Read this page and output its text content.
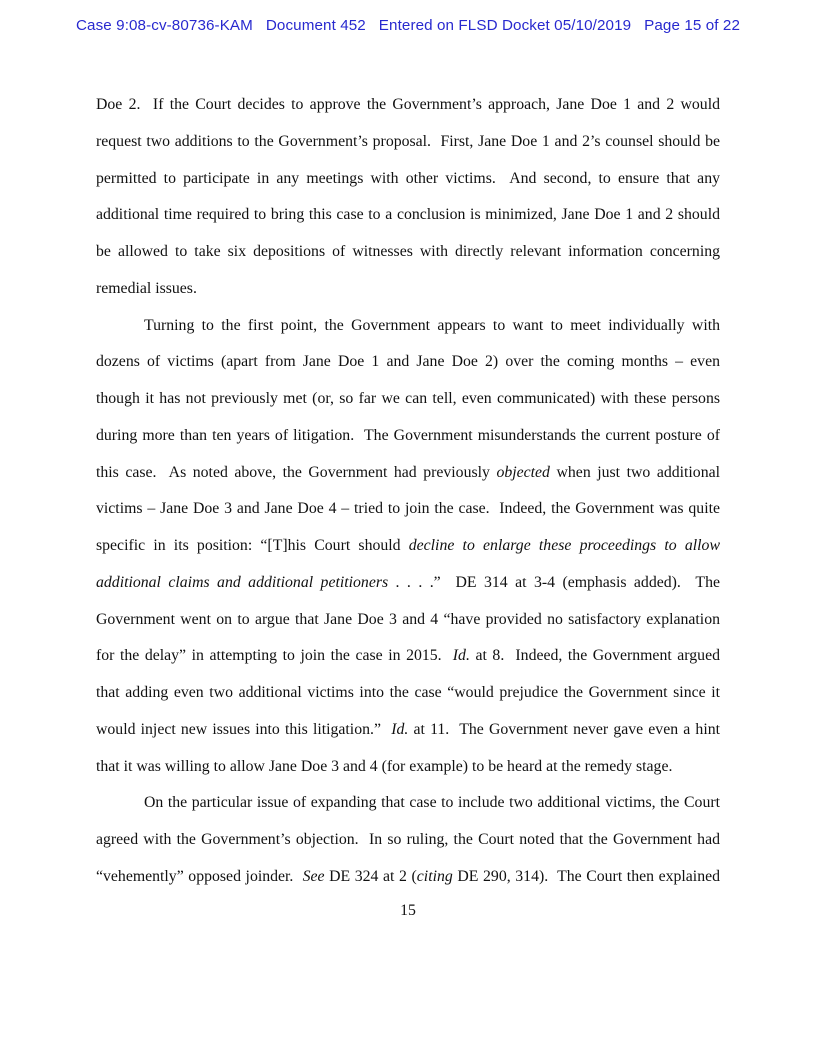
Case 9:08-cv-80736-KAM   Document 452   Entered on FLSD Docket 05/10/2019   Page 15 of 22
Doe 2.  If the Court decides to approve the Government’s approach, Jane Doe 1 and 2 would
request two additions to the Government’s proposal.  First, Jane Doe 1 and 2’s counsel should be
permitted to participate in any meetings with other victims.  And second, to ensure that any
additional time required to bring this case to a conclusion is minimized, Jane Doe 1 and 2 should
be allowed to take six depositions of witnesses with directly relevant information concerning
remedial issues.
Turning to the first point, the Government appears to want to meet individually with
dozens of victims (apart from Jane Doe 1 and Jane Doe 2) over the coming months – even
though it has not previously met (or, so far we can tell, even communicated) with these persons
during more than ten years of litigation.  The Government misunderstands the current posture of
this case.  As noted above, the Government had previously objected when just two additional
victims – Jane Doe 3 and Jane Doe 4 – tried to join the case.  Indeed, the Government was quite
specific in its position: “[T]his Court should decline to enlarge these proceedings to allow
additional claims and additional petitioners . . . .”  DE 314 at 3-4 (emphasis added).  The
Government went on to argue that Jane Doe 3 and 4 “have provided no satisfactory explanation
for the delay” in attempting to join the case in 2015.  Id. at 8.  Indeed, the Government argued
that adding even two additional victims into the case “would prejudice the Government since it
would inject new issues into this litigation.”  Id. at 11.  The Government never gave even a hint
that it was willing to allow Jane Doe 3 and 4 (for example) to be heard at the remedy stage.
On the particular issue of expanding that case to include two additional victims, the Court
agreed with the Government’s objection.  In so ruling, the Court noted that the Government had
“vehemently” opposed joinder.  See DE 324 at 2 (citing DE 290, 314).  The Court then explained
15
